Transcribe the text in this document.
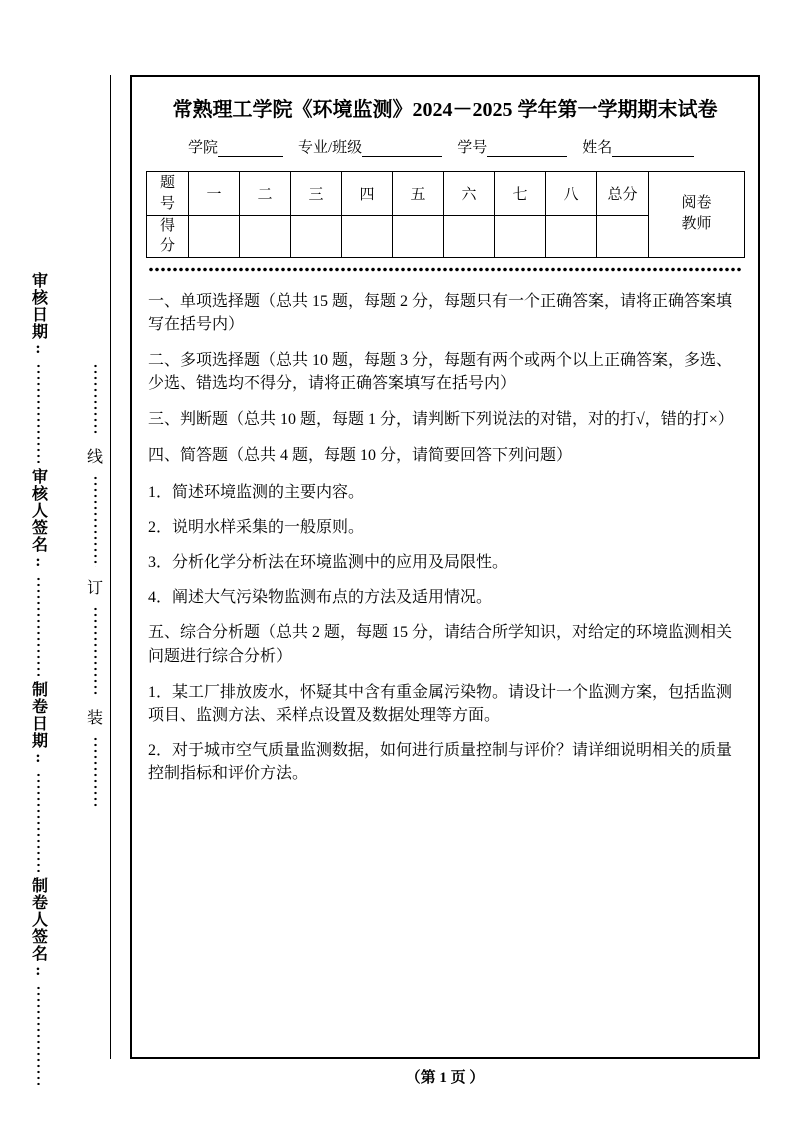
审核日期:
审核人签名:
制卷日期:
制卷人签名:
线
订
装
常熟理工学院《环境监测》2024－2025 学年第一学期期末试卷
学院	专业/班级	学号	姓名
题号	一	二	三	四	五	六	七	八	总分	阅卷教师
得分										

一、单项选择题（总共 15 题，每题 2 分，每题只有一个正确答案，请将正确答案填写在括号内）

二、多项选择题（总共 10 题，每题 3 分，每题有两个或两个以上正确答案，多选、少选、错选均不得分，请将正确答案填写在括号内）

三、判断题（总共 10 题，每题 1 分，请判断下列说法的对错，对的打√，错的打×）

四、简答题（总共 4 题，每题 10 分，请简要回答下列问题）

1．简述环境监测的主要内容。

2．说明水样采集的一般原则。

3．分析化学分析法在环境监测中的应用及局限性。

4．阐述大气污染物监测布点的方法及适用情况。

五、综合分析题（总共 2 题，每题 15 分，请结合所学知识，对给定的环境监测相关问题进行综合分析）

1．某工厂排放废水，怀疑其中含有重金属污染物。请设计一个监测方案，包括监测项目、监测方法、采样点设置及数据处理等方面。

2．对于城市空气质量监测数据，如何进行质量控制与评价？请详细说明相关的质量控制指标和评价方法。

（第 1 页 ）
